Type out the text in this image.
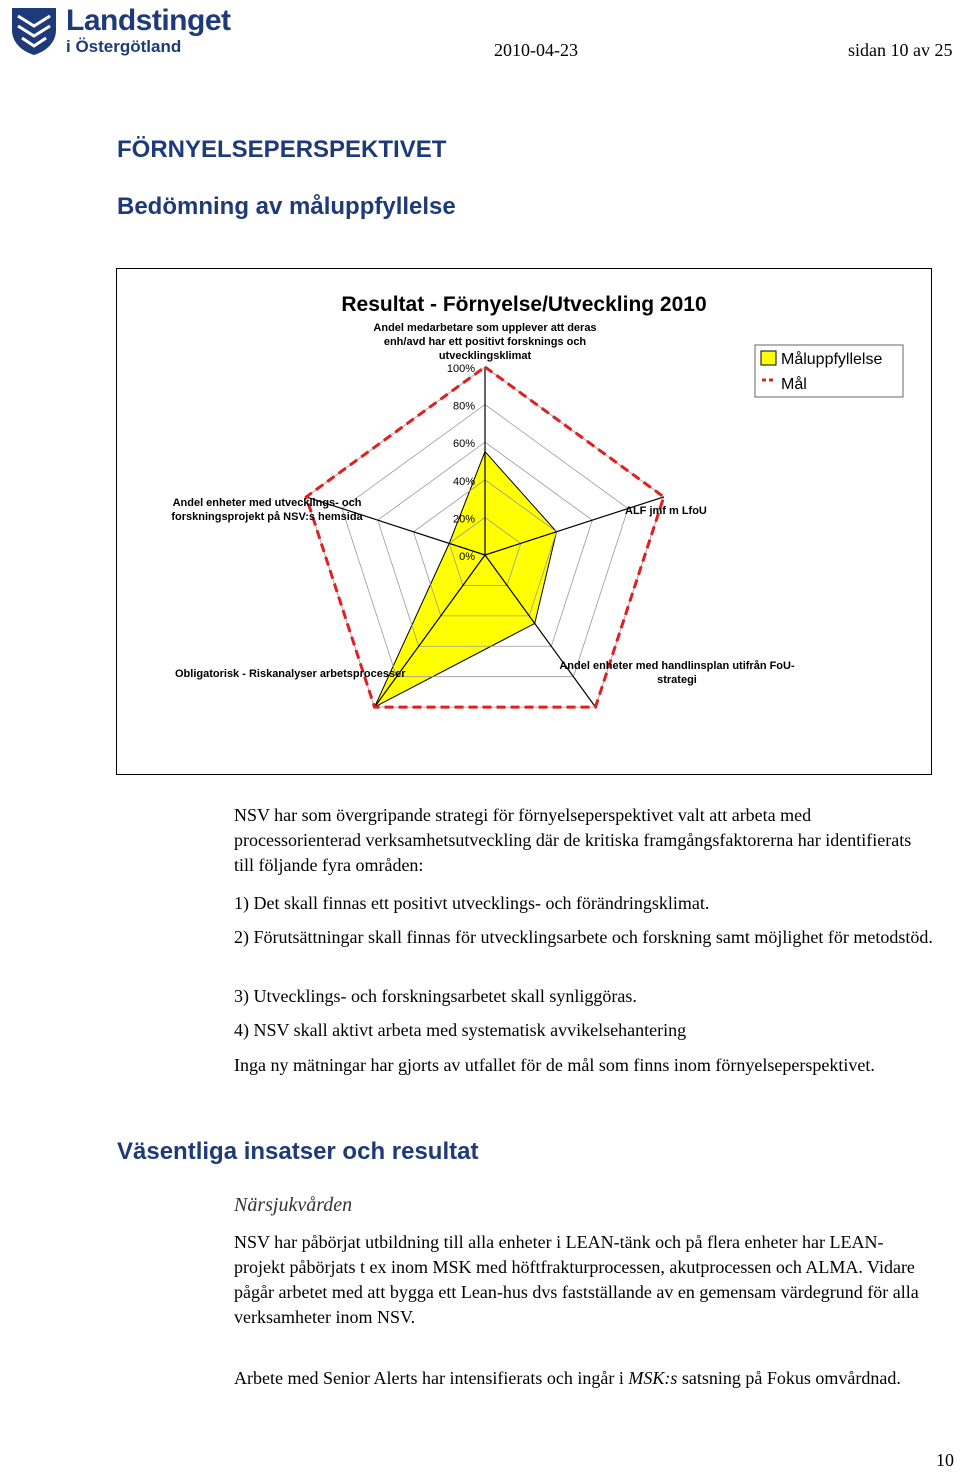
Landstinget
i Östergötland	2010-04-23	sidan 10 av 25
FÖRNYELSEPERSPEKTIVET
Bedömning av måluppfyllelse
Resultat - Förnyelse/Utveckling 2010
0%
20%
40%
60%
80%
100%
Andel medarbetare som upplever att deras
enh/avd har ett positivt forsknings och
utvecklingsklimat
ALF jmf m LfoU
Andel enheter med handlinsplan utifrån FoU-
strategi
Obligatorisk - Riskanalyser arbetsprocesser
Andel enheter med utvecklings- och
forskningsprojekt på NSV:s hemsida
Måluppfyllelse
Mål
NSV har som övergripande strategi för förnyelseperspektivet valt att arbeta med processorienterad verksamhetsutveckling där de kritiska framgångsfaktorerna har identifierats till följande fyra områden:
1) Det skall finnas ett positivt utvecklings- och förändringsklimat.
2) Förutsättningar skall finnas för utvecklingsarbete och forskning samt möjlighet för metodstöd.
3) Utvecklings- och forskningsarbetet skall synliggöras.
4) NSV skall aktivt arbeta med systematisk avvikelsehantering
Inga ny mätningar har gjorts av utfallet för de mål som finns inom förnyelseperspektivet.
Väsentliga insatser och resultat
Närsjukvården
NSV har påbörjat utbildning till alla enheter i LEAN-tänk och på flera enheter har LEAN-projekt påbörjats t ex inom MSK med höftfrakturprocessen, akutprocessen och ALMA. Vidare pågår arbetet med att bygga ett Lean-hus dvs fastställande av en gemensam värdegrund för alla verksamheter inom NSV.
Arbete med Senior Alerts har intensifierats och ingår i MSK:s satsning på Fokus omvårdnad.
10
